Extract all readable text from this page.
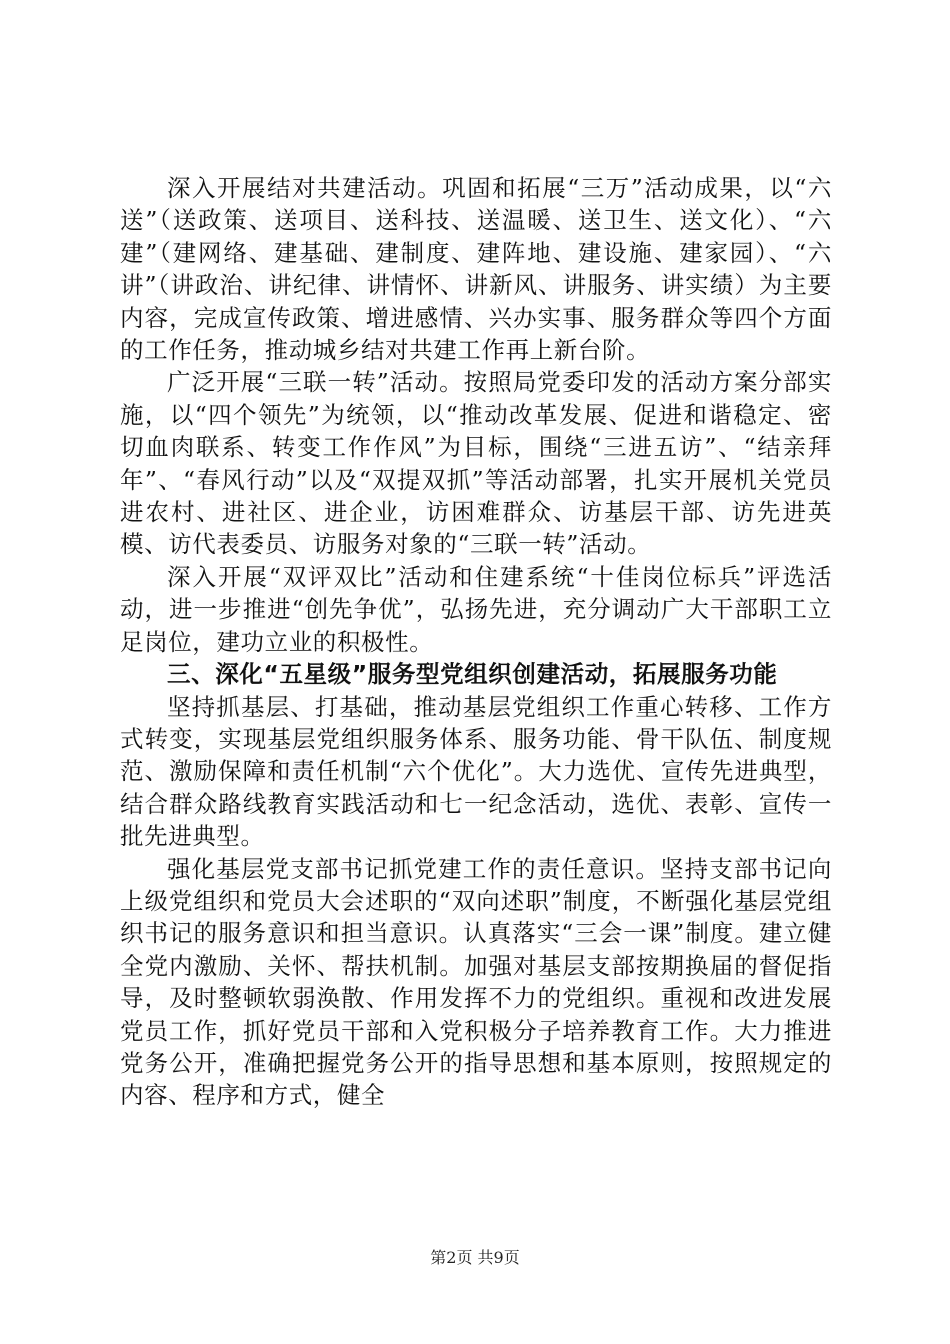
深入开展结对共建活动。巩固和拓展“三万”活动成果，以“六送”（送政策、送项目、送科技、送温暖、送卫生、送文化）、“六建”（建网络、建基础、建制度、建阵地、建设施、建家园）、“六讲”（讲政治、讲纪律、讲情怀、讲新风、讲服务、讲实绩）为主要内容，完成宣传政策、增进感情、兴办实事、服务群众等四个方面的工作任务，推动城乡结对共建工作再上新台阶。

广泛开展“三联一转”活动。按照局党委印发的活动方案分部实施，以“四个领先”为统领，以“推动改革发展、促进和谐稳定、密切血肉联系、转变工作作风”为目标，围绕“三进五访”、“结亲拜年”、“春风行动”以及“双提双抓”等活动部署，扎实开展机关党员进农村、进社区、进企业，访困难群众、访基层干部、访先进英模、访代表委员、访服务对象的“三联一转”活动。

深入开展“双评双比”活动和住建系统“十佳岗位标兵”评选活动，进一步推进“创先争优”，弘扬先进，充分调动广大干部职工立足岗位，建功立业的积极性。

三、深化“五星级”服务型党组织创建活动，拓展服务功能

坚持抓基层、打基础，推动基层党组织工作重心转移、工作方式转变，实现基层党组织服务体系、服务功能、骨干队伍、制度规范、激励保障和责任机制“六个优化”。大力选优、宣传先进典型，结合群众路线教育实践活动和七一纪念活动，选优、表彰、宣传一批先进典型。

强化基层党支部书记抓党建工作的责任意识。坚持支部书记向上级党组织和党员大会述职的“双向述职”制度，不断强化基层党组织书记的服务意识和担当意识。认真落实“三会一课”制度。建立健全党内激励、关怀、帮扶机制。加强对基层支部按期换届的督促指导，及时整顿软弱涣散、作用发挥不力的党组织。重视和改进发展党员工作，抓好党员干部和入党积极分子培养教育工作。大力推进党务公开，准确把握党务公开的指导思想和基本原则，按照规定的内容、程序和方式，健全

第2页 共9页
